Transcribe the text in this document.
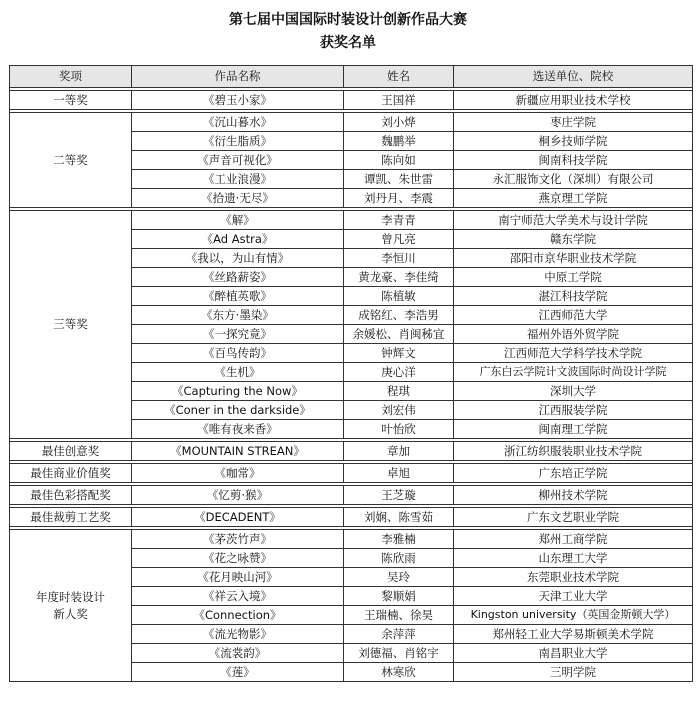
第七届中国国际时装设计创新作品大赛
获奖名单
奖项	作品名称	姓名	选送单位、院校

一等奖	《碧玉小家》	王国祥	新疆应用职业技术学校

二等奖	《沉山暮水》	刘小烨	枣庄学院
	《衍生脂质》	魏鹏举	桐乡技师学院
	《声音可视化》	陈向如	闽南科技学院
	《工业浪漫》	谭凯、朱世雷	永汇服饰文化（深圳）有限公司
	《拾遗·无尽》	刘丹月、李震	燕京理工学院

三等奖	《解》	李青青	南宁师范大学美术与设计学院
	《Ad Astra》	曾凡亮	赣东学院
	《我以，为山有情》	李恒川	邵阳市京华职业技术学院
	《丝路薪姿》	黄龙豪、李佳绮	中原工学院
	《醉植英歌》	陈植敏	湛江科技学院
	《东方·墨染》	成铭红、李浩男	江西师范大学
	《一探究竟》	余媛松、肖闽秭宜	福州外语外贸学院
	《百鸟传韵》	钟辉文	江西师范大学科学技术学院
	《生机》	庚心洋	广东白云学院计文波国际时尚设计学院
	《Capturing the Now》	程琪	深圳大学
	《Coner in the darkside》	刘宏伟	江西服装学院
	《唯有夜来香》	叶怡欣	闽南理工学院

最佳创意奖	《MOUNTAIN STREAN》	章加	浙江纺织服装职业技术学院

最佳商业价值奖	《咖常》	卓旭	广东培正学院

最佳色彩搭配奖	《忆剪·猴》	王芝璇	柳州技术学院

最佳裁剪工艺奖	《DECADENT》	刘娴、陈雪茹	广东文艺职业学院

年度时装设计
新人奖	《茅茨竹声》	李雅楠	郑州工商学院
	《花之咏赞》	陈欣雨	山东理工大学
	《花月映山河》	吴玲	东莞职业技术学院
	《祥云入境》	黎顺娟	天津工业大学
	《Connection》	王瑞楠、徐昊	Kingston university（英国金斯顿大学）
	《流光物影》	余萍萍	郑州轻工业大学易斯顿美术学院
	《流裳韵》	刘德福、肖铭宇	南昌职业大学
	《莲》	林寒欣	三明学院
